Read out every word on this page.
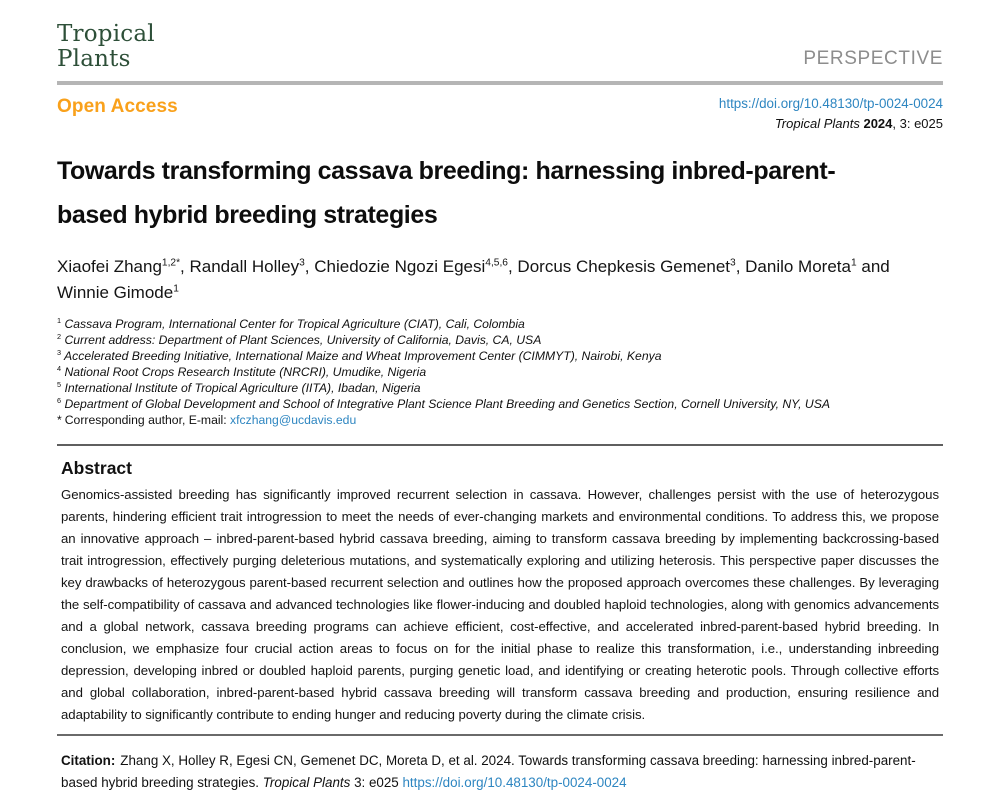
Tropical
Plants	PERSPECTIVE
Open Access	https://doi.org/10.48130/tp-0024-0024
Tropical Plants 2024, 3: e025
Towards transforming cassava breeding: harnessing inbred-parent-
based hybrid breeding strategies
Xiaofei Zhang$^{1,2*}$, Randall Holley$^3$, Chiedozie Ngozi Egesi$^{4,5,6}$, Dorcus Chepkesis Gemenet$^3$, Danilo Moreta$^1$ and Winnie Gimode$^1$
$^1$ Cassava Program, International Center for Tropical Agriculture (CIAT), Cali, Colombia
$^2$ Current address: Department of Plant Sciences, University of California, Davis, CA, USA
$^3$ Accelerated Breeding Initiative, International Maize and Wheat Improvement Center (CIMMYT), Nairobi, Kenya
$^4$ National Root Crops Research Institute (NRCRI), Umudike, Nigeria
$^5$ International Institute of Tropical Agriculture (IITA), Ibadan, Nigeria
$^6$ Department of Global Development and School of Integrative Plant Science Plant Breeding and Genetics Section, Cornell University, NY, USA
* Corresponding author, E-mail: xfczhang@ucdavis.edu
Abstract

Genomics-assisted breeding has significantly improved recurrent selection in cassava. However, challenges persist with the use of heterozygous parents, hindering efficient trait introgression to meet the needs of ever-changing markets and environmental conditions. To address this, we propose an innovative approach – inbred-parent-based hybrid cassava breeding, aiming to transform cassava breeding by implementing backcrossing-based trait introgression, effectively purging deleterious mutations, and systematically exploring and utilizing heterosis. This perspective paper discusses the key drawbacks of heterozygous parent-based recurrent selection and outlines how the proposed approach overcomes these challenges. By leveraging the self-compatibility of cassava and advanced technologies like flower-inducing and doubled haploid technologies, along with genomics advancements and a global network, cassava breeding programs can achieve efficient, cost-effective, and accelerated inbred-parent-based hybrid breeding. In conclusion, we emphasize four crucial action areas to focus on for the initial phase to realize this transformation, i.e., understanding inbreeding depression, developing inbred or doubled haploid parents, purging genetic load, and identifying or creating heterotic pools. Through collective efforts and global collaboration, inbred-parent-based hybrid cassava breeding will transform cassava breeding and production, ensuring resilience and adaptability to significantly contribute to ending hunger and reducing poverty during the climate crisis.

Citation: Zhang X, Holley R, Egesi CN, Gemenet DC, Moreta D, et al. 2024. Towards transforming cassava breeding: harnessing inbred-parent-based hybrid breeding strategies. Tropical Plants 3: e025 https://doi.org/10.48130/tp-0024-0024
